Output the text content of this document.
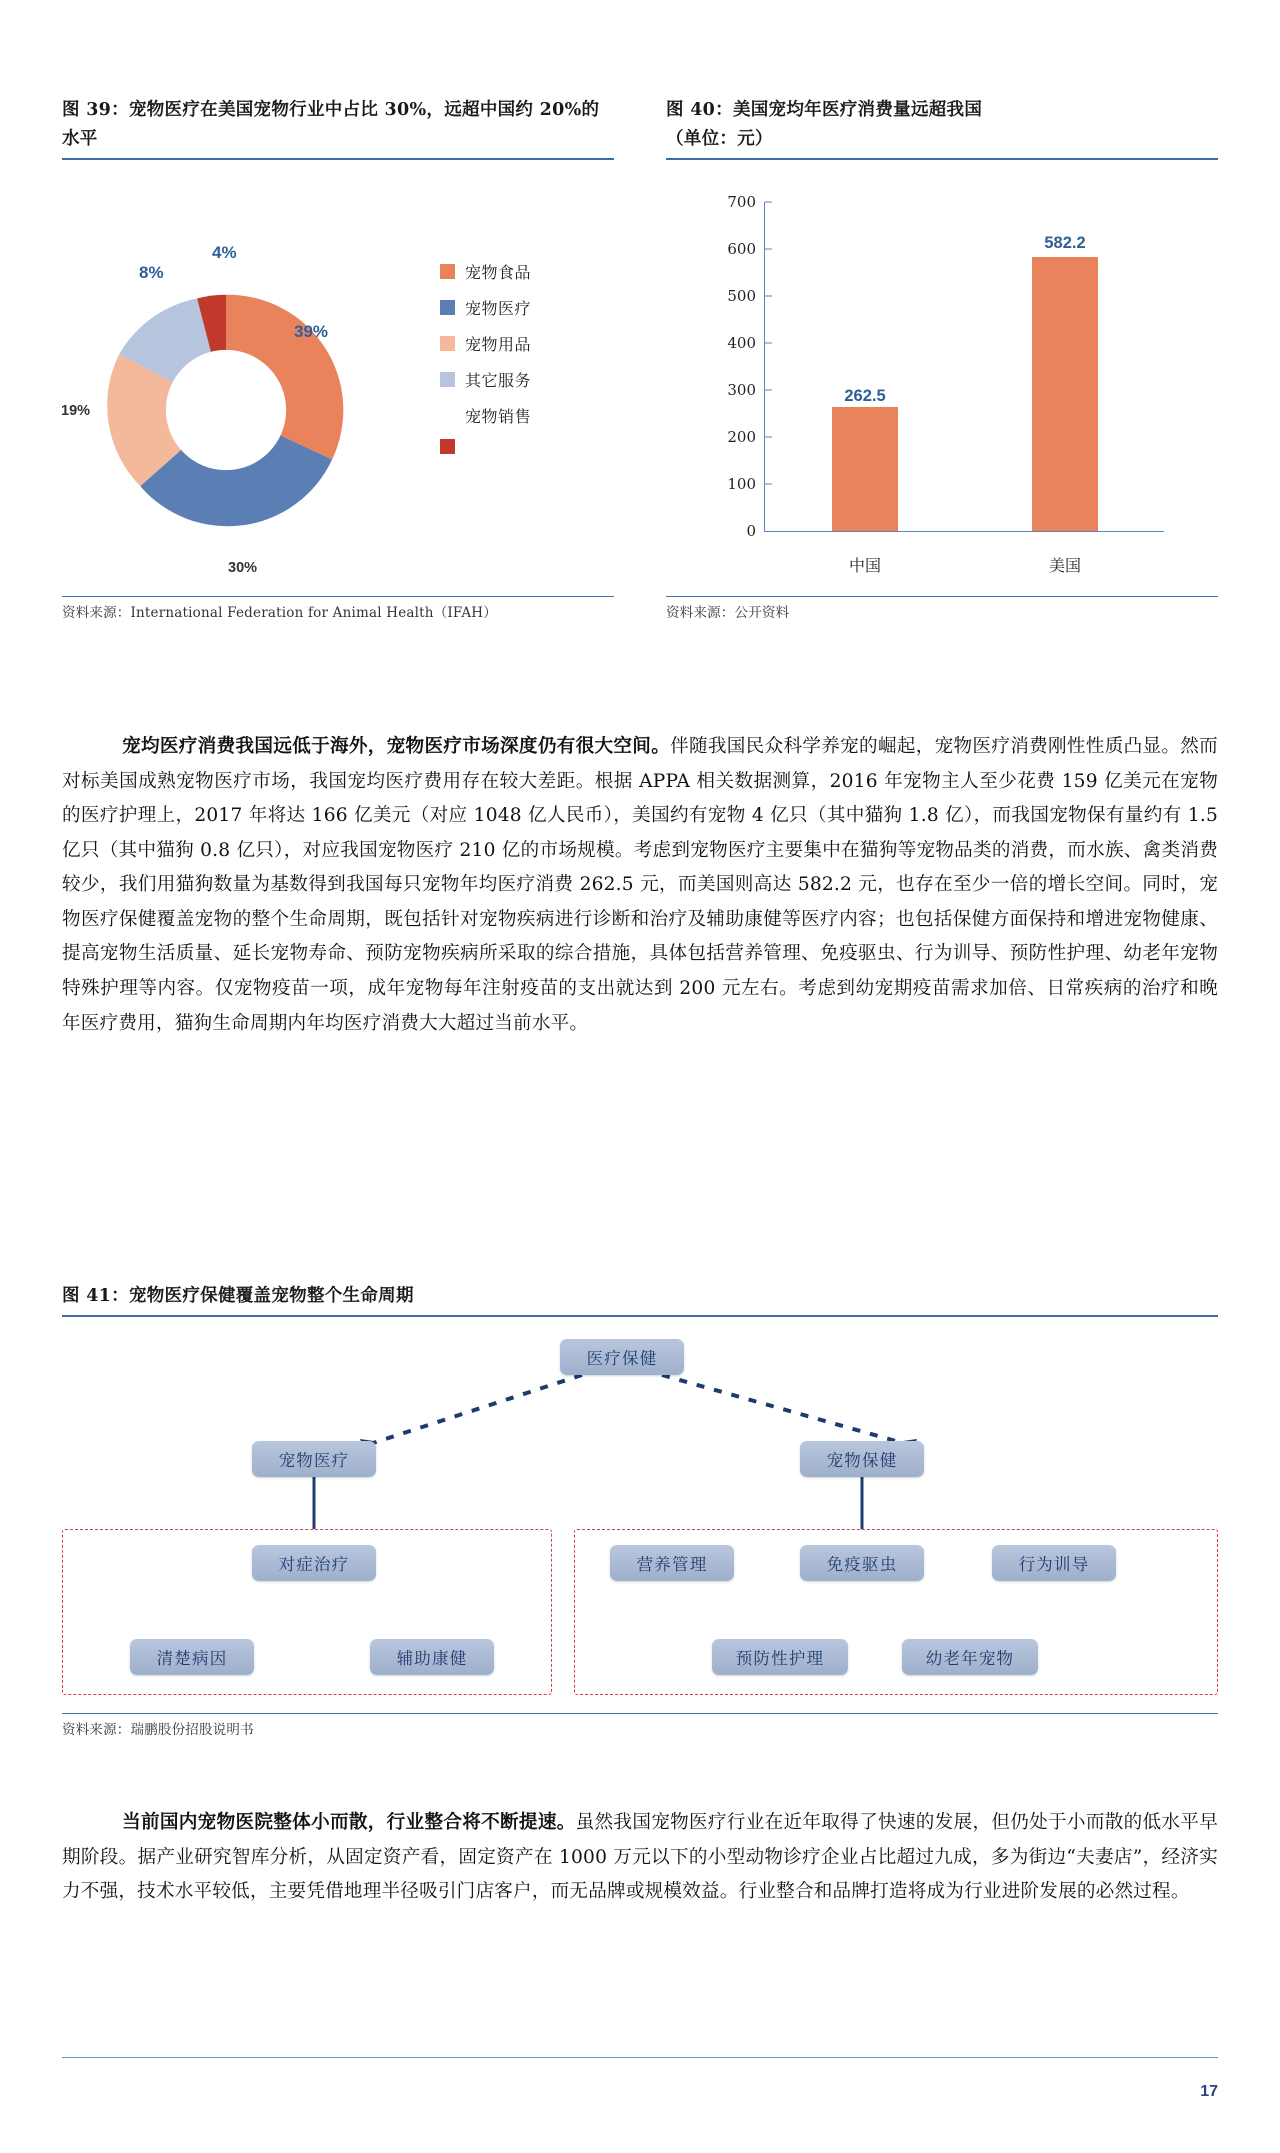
图 39：宠物医疗在美国宠物行业中占比 30%，远超中国约 20%的水平
39%
30%
19%
8%
4%
宠物食品
宠物医疗
宠物用品
其它服务
宠物销售
资料来源：International Federation for Animal Health（IFAH）
图 40：美国宠均年医疗消费量远超我国
（单位：元）
700
600
500
400
300
200
100
0
262.5
582.2
中国	美国
资料来源：公开资料
宠均医疗消费我国远低于海外，宠物医疗市场深度仍有很大空间。伴随我国民众科学养宠的崛起，宠物医疗消费刚性性质凸显。然而对标美国成熟宠物医疗市场，我国宠均医疗费用存在较大差距。根据 APPA 相关数据测算，2016 年宠物主人至少花费 159 亿美元在宠物的医疗护理上，2017 年将达 166 亿美元（对应 1048 亿人民币），美国约有宠物 4 亿只（其中猫狗 1.8 亿），而我国宠物保有量约有 1.5 亿只（其中猫狗 0.8 亿只），对应我国宠物医疗 210 亿的市场规模。考虑到宠物医疗主要集中在猫狗等宠物品类的消费，而水族、禽类消费较少，我们用猫狗数量为基数得到我国每只宠物年均医疗消费 262.5 元，而美国则高达 582.2 元，也存在至少一倍的增长空间。同时，宠物医疗保健覆盖宠物的整个生命周期，既包括针对宠物疾病进行诊断和治疗及辅助康健等医疗内容；也包括保健方面保持和增进宠物健康、提高宠物生活质量、延长宠物寿命、预防宠物疾病所采取的综合措施，具体包括营养管理、免疫驱虫、行为训导、预防性护理、幼老年宠物特殊护理等内容。仅宠物疫苗一项，成年宠物每年注射疫苗的支出就达到 200 元左右。考虑到幼宠期疫苗需求加倍、日常疾病的治疗和晚年医疗费用，猫狗生命周期内年均医疗消费大大超过当前水平。
图 41：宠物医疗保健覆盖宠物整个生命周期
医疗保健
宠物医疗	宠物保健
对症治疗
清楚病因	辅助康健
营养管理	免疫驱虫	行为训导
预防性护理	幼老年宠物
资料来源：瑞鹏股份招股说明书
当前国内宠物医院整体小而散，行业整合将不断提速。虽然我国宠物医疗行业在近年取得了快速的发展，但仍处于小而散的低水平早期阶段。据产业研究智库分析，从固定资产看，固定资产在 1000 万元以下的小型动物诊疗企业占比超过九成，多为街边“夫妻店”，经济实力不强，技术水平较低，主要凭借地理半径吸引门店客户，而无品牌或规模效益。行业整合和品牌打造将成为行业进阶发展的必然过程。
17
